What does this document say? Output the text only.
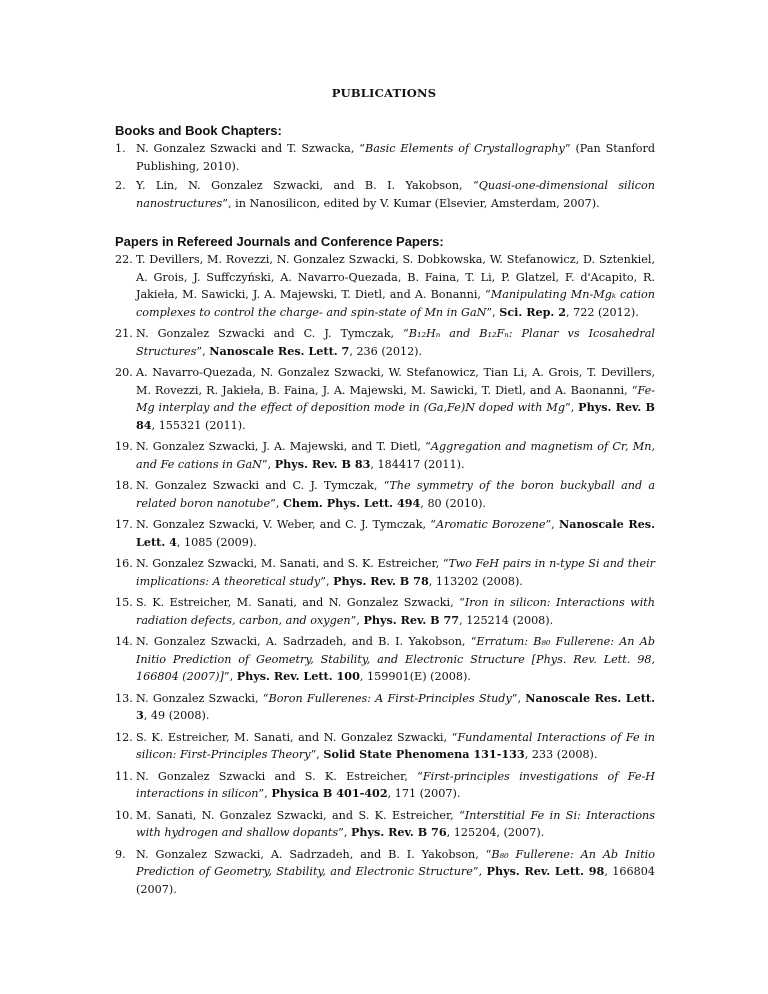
PUBLICATIONS
Books and Book Chapters:
1. N. Gonzalez Szwacki and T. Szwacka, “Basic Elements of Crystallography” (Pan Stanford Publishing, 2010).
2. Y. Lin, N. Gonzalez Szwacki, and B. I. Yakobson, “Quasi-one-dimensional silicon nanostructures”, in Nanosilicon, edited by V. Kumar (Elsevier, Amsterdam, 2007).
Papers in Refereed Journals and Conference Papers:
22. T. Devillers, M. Rovezzi, N. Gonzalez Szwacki, S. Dobkowska, W. Stefanowicz, D. Sztenkiel, A. Grois, J. Suffczyński, A. Navarro-Quezada, B. Faina, T. Li, P. Glatzel, F. d'Acapito, R. Jakieła, M. Sawicki, J. A. Majewski, T. Dietl, and A. Bonanni, “Manipulating Mn-Mgₖ cation complexes to control the charge- and spin-state of Mn in GaN”, Sci. Rep. 2, 722 (2012).
21. N. Gonzalez Szwacki and C. J. Tymczak, “B₁₂Hₙ and B₁₂Fₙ: Planar vs Icosahedral Structures”, Nanoscale Res. Lett. 7, 236 (2012).
20. A. Navarro-Quezada, N. Gonzalez Szwacki, W. Stefanowicz, Tian Li, A. Grois, T. Devillers, M. Rovezzi, R. Jakieła, B. Faina, J. A. Majewski, M. Sawicki, T. Dietl, and A. Baonanni, “Fe-Mg interplay and the effect of deposition mode in (Ga,Fe)N doped with Mg”, Phys. Rev. B 84, 155321 (2011).
19. N. Gonzalez Szwacki, J. A. Majewski, and T. Dietl, “Aggregation and magnetism of Cr, Mn, and Fe cations in GaN”, Phys. Rev. B 83, 184417 (2011).
18. N. Gonzalez Szwacki and C. J. Tymczak, “The symmetry of the boron buckyball and a related boron nanotube”, Chem. Phys. Lett. 494, 80 (2010).
17. N. Gonzalez Szwacki, V. Weber, and C. J. Tymczak, “Aromatic Borozene”, Nanoscale Res. Lett. 4, 1085 (2009).
16. N. Gonzalez Szwacki, M. Sanati, and S. K. Estreicher, “Two FeH pairs in n-type Si and their implications: A theoretical study”, Phys. Rev. B 78, 113202 (2008).
15. S. K. Estreicher, M. Sanati, and N. Gonzalez Szwacki, “Iron in silicon: Interactions with radiation defects, carbon, and oxygen”, Phys. Rev. B 77, 125214 (2008).
14. N. Gonzalez Szwacki, A. Sadrzadeh, and B. I. Yakobson, “Erratum: B₈₀ Fullerene: An Ab Initio Prediction of Geometry, Stability, and Electronic Structure [Phys. Rev. Lett. 98, 166804 (2007)]”, Phys. Rev. Lett. 100, 159901(E) (2008).
13. N. Gonzalez Szwacki, “Boron Fullerenes: A First-Principles Study”, Nanoscale Res. Lett. 3, 49 (2008).
12. S. K. Estreicher, M. Sanati, and N. Gonzalez Szwacki, “Fundamental Interactions of Fe in silicon: First-Principles Theory”, Solid State Phenomena 131-133, 233 (2008).
11. N. Gonzalez Szwacki and S. K. Estreicher, “First-principles investigations of Fe-H interactions in silicon”, Physica B 401-402, 171 (2007).
10. M. Sanati, N. Gonzalez Szwacki, and S. K. Estreicher, “Interstitial Fe in Si: Interactions with hydrogen and shallow dopants”, Phys. Rev. B 76, 125204, (2007).
9. N. Gonzalez Szwacki, A. Sadrzadeh, and B. I. Yakobson, “B₈₀ Fullerene: An Ab Initio Prediction of Geometry, Stability, and Electronic Structure”, Phys. Rev. Lett. 98, 166804 (2007).
